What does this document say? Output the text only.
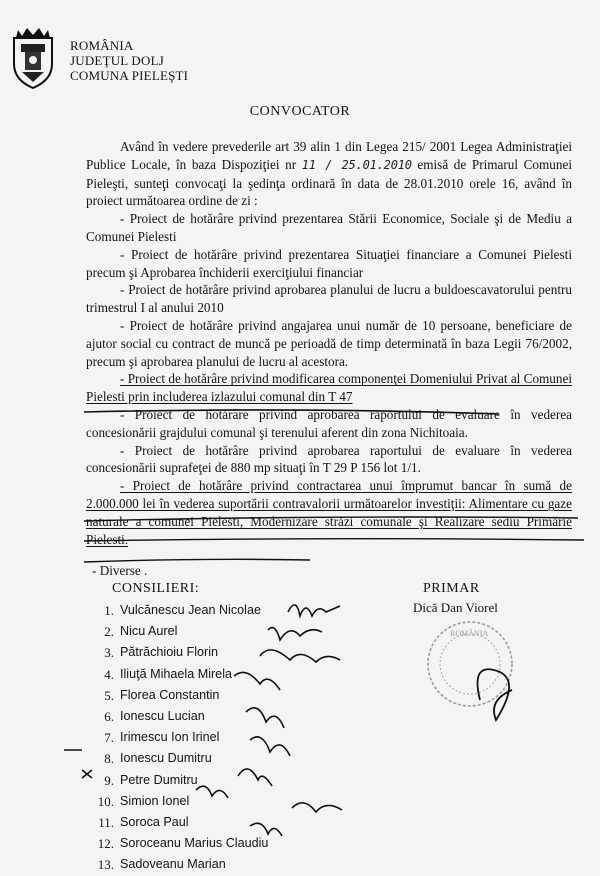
ROMÂNIA
JUDEŢUL DOLJ
COMUNA PIELEŞTI
CONVOCATOR

Având în vedere prevederile art 39 alin 1 din Legea 215/ 2001 Legea Administraţiei Publice Locale, în baza Dispoziţiei nr 11 / 25.01.2010 emisă de Primarul Comunei Pieleşti, sunteţi convocaţi la şedinţa ordinară în data de 28.01.2010 orele 16, având în proiect următoarea ordine de zi :

- Proiect de hotărâre privind prezentarea Stării Economice, Sociale şi de Mediu a Comunei Pielesti

- Proiect de hotărâre privind prezentarea Situaţiei financiare a Comunei Pielesti precum şi Aprobarea închiderii exerciţiului financiar

- Proiect de hotărâre privind aprobarea planului de lucru a buldoescavatorului pentru trimestrul I al anului 2010

- Proiect de hotărâre privind angajarea unui număr de 10 persoane, beneficiare de ajutor social cu contract de muncă pe perioadă de timp determinată în baza Legii 76/2002, precum şi aprobarea planului de lucru al acestora.

- Proiect de hotărâre privind modificarea componenţei Domeniului Privat al Comunei Pielesti prin includerea izlazului comunal din T 47

- Proiect de hotărâre privind aprobarea raportului de evaluare în vederea concesionării grajdului comunal şi terenului aferent din zona Nichitoaia.

- Proiect de hotărâre privind aprobarea raportului de evaluare în vederea concesionării suprafeţei de 880 mp situaţi în T 29 P 156 lot 1/1.

- Proiect de hotărâre privind contractarea unui împrumut bancar în sumă de 2.000.000 lei în vederea suportării contravalorii următoarelor investiţii: Alimentare cu gaze naturale a comunei Pielesti, Modernizare străzi comunale şi Realizare sediu Primărie Pielesti.

- Diverse .
CONSILIERI:	PRIMAR
Dică Dan Viorel
1. Vulcănescu Jean Nicolae
2. Nicu Aurel
3. Pătrăchioiu Florin
4. Iliuţă Mihaela Mirela
5. Florea Constantin
6. Ionescu Lucian
7. Irimescu Ion Irinel
8. Ionescu Dumitru
9. Petre Dumitru
10. Simion Ionel
11. Soroca Paul
12. Soroceanu Marius Claudiu
13. Sadoveanu Marian
ROMÂNIA
